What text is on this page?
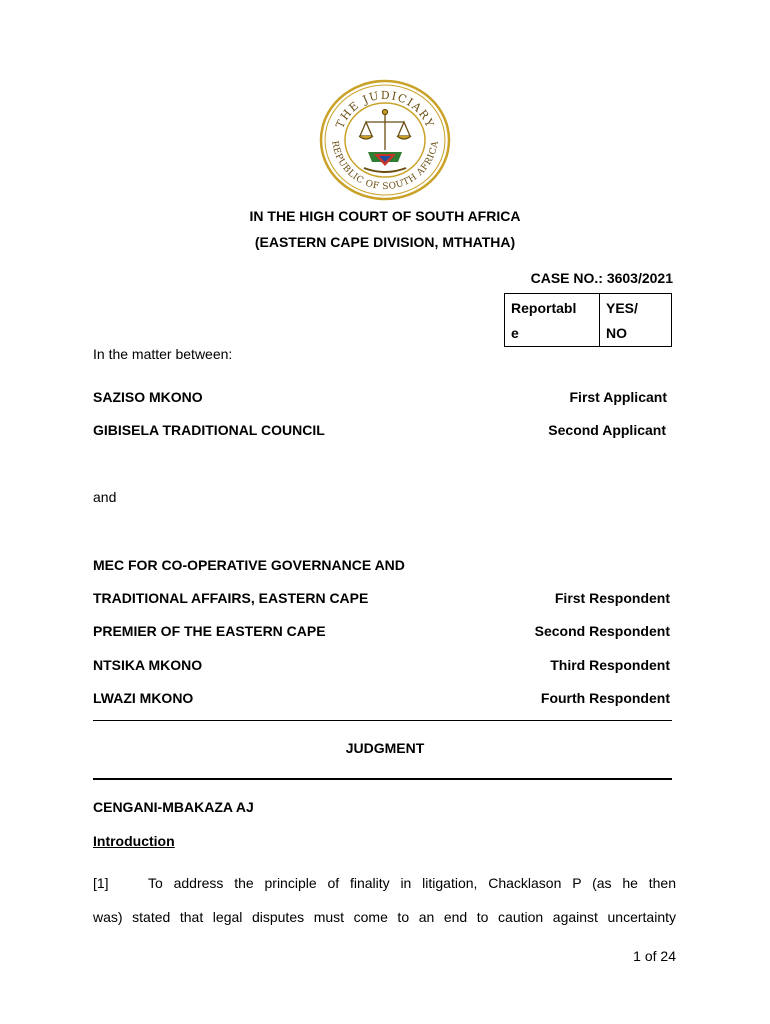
THE JUDICIARY
REPUBLIC OF SOUTH AFRICA
IN THE HIGH COURT OF SOUTH AFRICA
(EASTERN CAPE DIVISION, MTHATHA)
CASE NO.: 3603/2021
Reportabl
e

YES/
NO
In the matter between:
SAZISO MKONO	First Applicant
GIBISELA TRADITIONAL COUNCIL	Second Applicant
and
MEC FOR CO-OPERATIVE GOVERNANCE AND
TRADITIONAL AFFAIRS, EASTERN CAPE	First Respondent
PREMIER OF THE EASTERN CAPE	Second Respondent
NTSIKA MKONO	Third Respondent
LWAZI MKONO	Fourth Respondent
JUDGMENT
CENGANI-MBAKAZA AJ
Introduction
[1]	To address the principle of finality in litigation, Chacklason P (as he then
was) stated that legal disputes must come to an end to caution against uncertainty
1 of 24
